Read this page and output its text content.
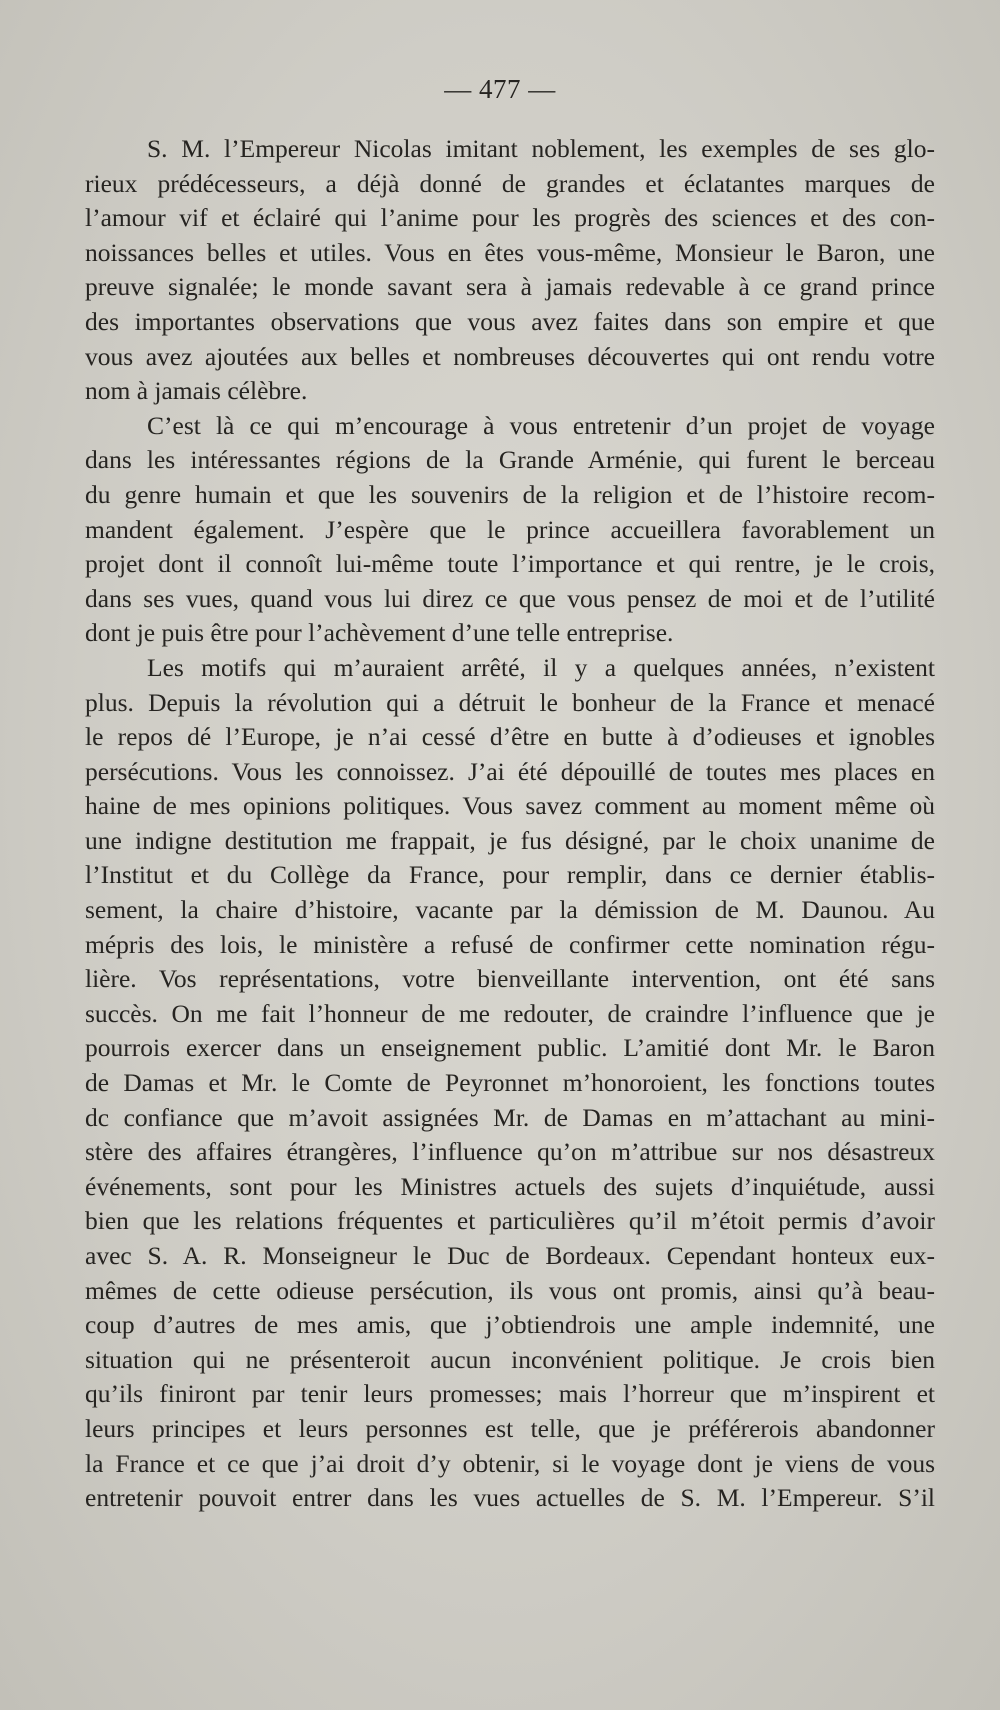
— 477 —
S. M. l’Empereur Nicolas imitant noblement, les exemples de ses glo-
rieux prédécesseurs, a déjà donné de grandes et éclatantes marques de
l’amour vif et éclairé qui l’anime pour les progrès des sciences et des con-
noissances belles et utiles. Vous en êtes vous-même, Monsieur le Baron, une
preuve signalée; le monde savant sera à jamais redevable à ce grand prince
des importantes observations que vous avez faites dans son empire et que
vous avez ajoutées aux belles et nombreuses découvertes qui ont rendu votre
nom à jamais célèbre.
C’est là ce qui m’encourage à vous entretenir d’un projet de voyage
dans les intéressantes régions de la Grande Arménie, qui furent le berceau
du genre humain et que les souvenirs de la religion et de l’histoire recom-
mandent également. J’espère que le prince accueillera favorablement un
projet dont il connoît lui-même toute l’importance et qui rentre, je le crois,
dans ses vues, quand vous lui direz ce que vous pensez de moi et de l’utilité
dont je puis être pour l’achèvement d’une telle entreprise.
Les motifs qui m’auraient arrêté, il y a quelques années, n’existent
plus. Depuis la révolution qui a détruit le bonheur de la France et menacé
le repos dé l’Europe, je n’ai cessé d’être en butte à d’odieuses et ignobles
persécutions. Vous les connoissez. J’ai été dépouillé de toutes mes places en
haine de mes opinions politiques. Vous savez comment au moment même où
une indigne destitution me frappait, je fus désigné, par le choix unanime de
l’Institut et du Collège da France, pour remplir, dans ce dernier établis-
sement, la chaire d’histoire, vacante par la démission de M. Daunou. Au
mépris des lois, le ministère a refusé de confirmer cette nomination régu-
lière. Vos représentations, votre bienveillante intervention, ont été sans
succès. On me fait l’honneur de me redouter, de craindre l’influence que je
pourrois exercer dans un enseignement public. L’amitié dont Mr. le Baron
de Damas et Mr. le Comte de Peyronnet m’honoroient, les fonctions toutes
dc confiance que m’avoit assignées Mr. de Damas en m’attachant au mini-
stère des affaires étrangères, l’influence qu’on m’attribue sur nos désastreux
événements, sont pour les Ministres actuels des sujets d’inquiétude, aussi
bien que les relations fréquentes et particulières qu’il m’étoit permis d’avoir
avec S. A. R. Monseigneur le Duc de Bordeaux. Cependant honteux eux-
mêmes de cette odieuse persécution, ils vous ont promis, ainsi qu’à beau-
coup d’autres de mes amis, que j’obtiendrois une ample indemnité, une
situation qui ne présenteroit aucun inconvénient politique. Je crois bien
qu’ils finiront par tenir leurs promesses; mais l’horreur que m’inspirent et
leurs principes et leurs personnes est telle, que je préférerois abandonner
la France et ce que j’ai droit d’y obtenir, si le voyage dont je viens de vous
entretenir pouvoit entrer dans les vues actuelles de S. M. l’Empereur. S’il
